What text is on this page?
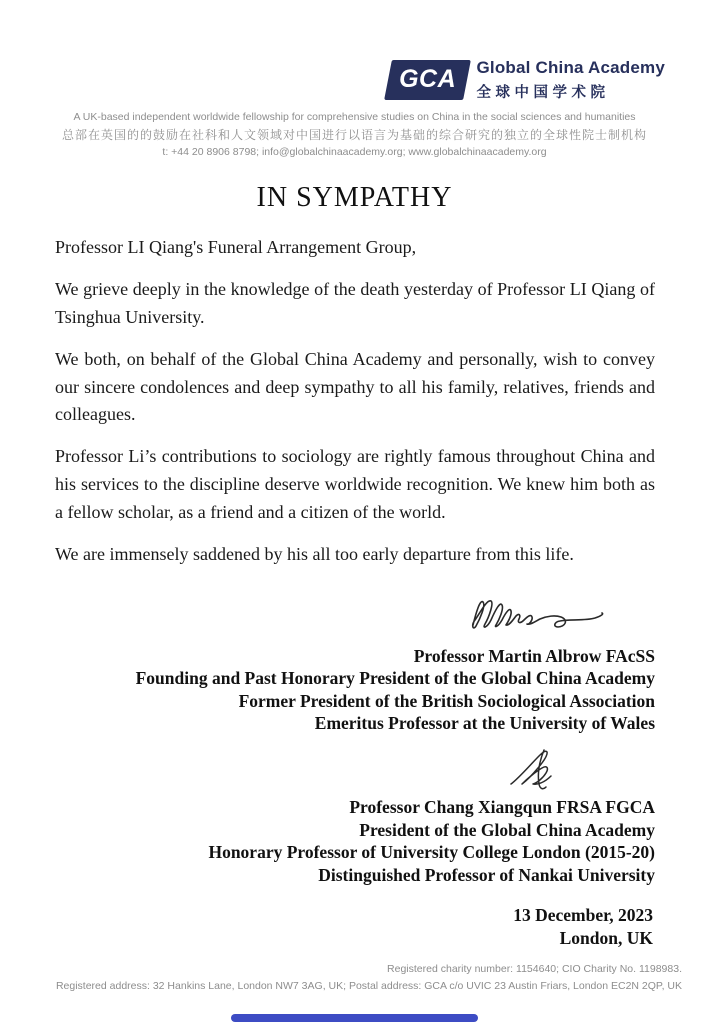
GCA Global China Academy
全球中国学术院
A UK-based independent worldwide fellowship for comprehensive studies on China in the social sciences and humanities
总部在英国的的鼓励在社科和人文领域对中国进行以语言为基础的综合研究的独立的全球性院士制机构
t: +44 20 8906 8798; info@globalchinaacademy.org; www.globalchinaacademy.org
IN SYMPATHY

Professor LI Qiang's Funeral Arrangement Group,

We grieve deeply in the knowledge of the death yesterday of Professor LI Qiang of Tsinghua University.

We both, on behalf of the Global China Academy and personally, wish to convey our sincere condolences and deep sympathy to all his family, relatives, friends and colleagues.

Professor Li’s contributions to sociology are rightly famous throughout China and his services to the discipline deserve worldwide recognition. We knew him both as a fellow scholar, as a friend and a citizen of the world.

We are immensely saddened by his all too early departure from this life.

Professor Martin Albrow FAcSS
Founding and Past Honorary President of the Global China Academy
Former President of the British Sociological Association
Emeritus Professor at the University of Wales
Professor Chang Xiangqun FRSA FGCA
President of the Global China Academy
Honorary Professor of University College London (2015-20)
Distinguished Professor of Nankai University
13 December, 2023
London, UK
Registered charity number: 1154640; CIO Charity No. 1198983.
Registered address: 32 Hankins Lane, London NW7 3AG, UK; Postal address: GCA c/o UVIC 23 Austin Friars, London EC2N 2QP, UK
